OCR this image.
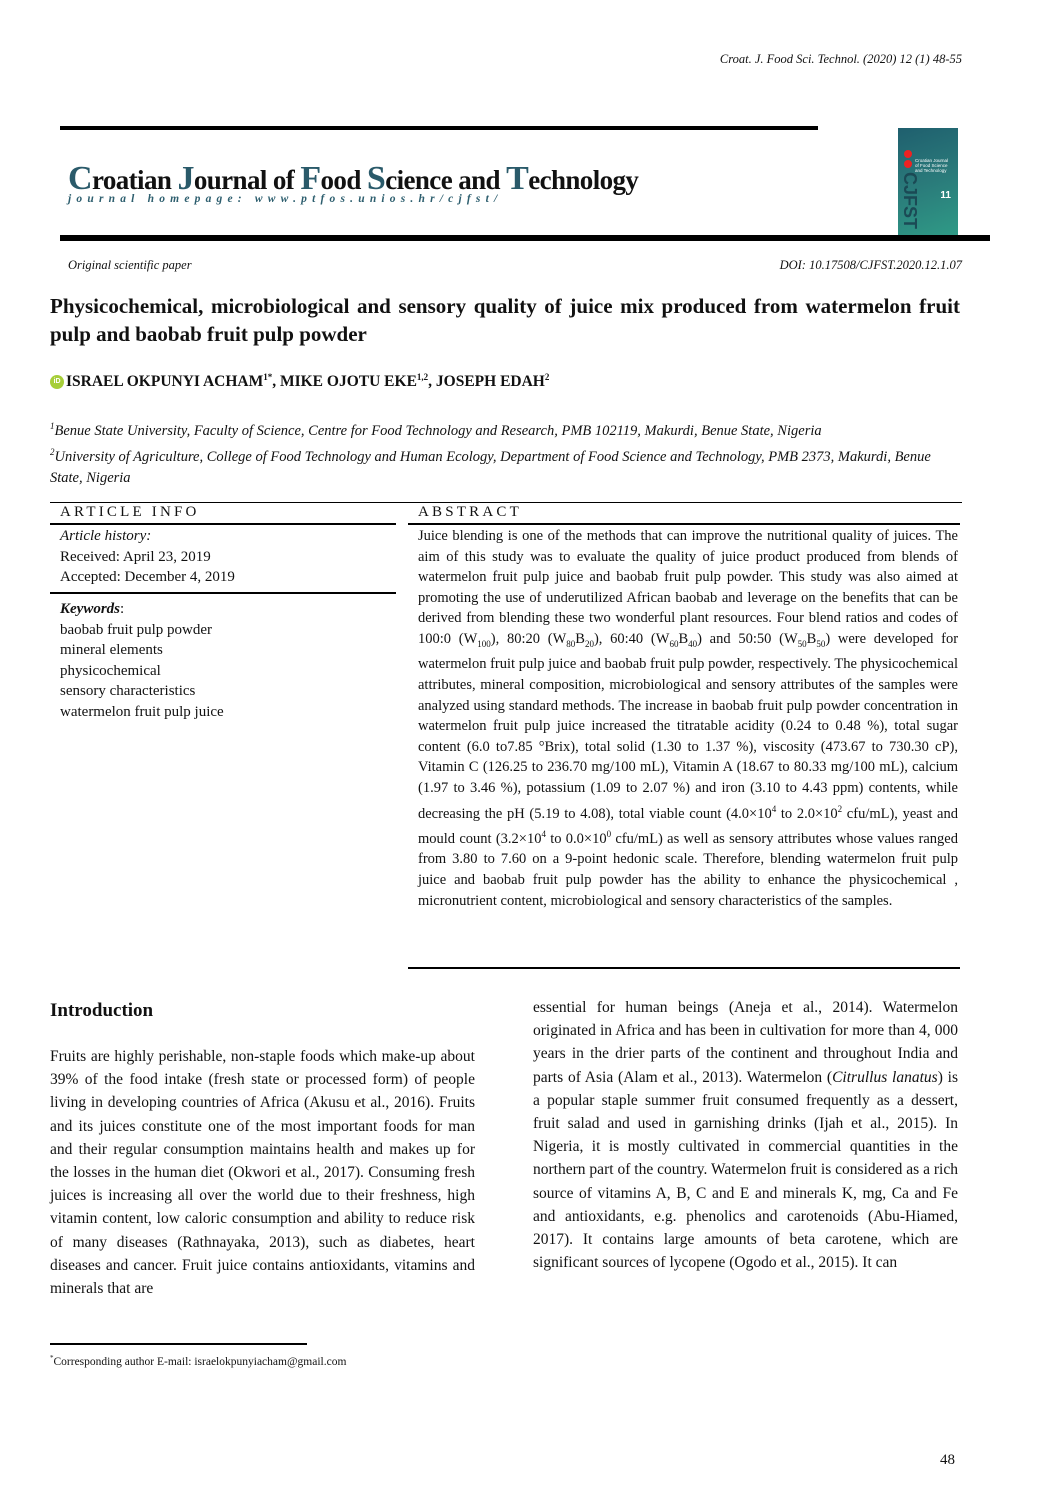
Croat. J. Food Sci. Technol. (2020) 12 (1) 48-55
Croatian Journal of Food Science and Technology
journal homepage: www.ptfos.unios.hr/cjfst/
Croatian Journal of Food Science and Technology
CJFST 11
Original scientific paper	DOI: 10.17508/CJFST.2020.12.1.07
Physicochemical, microbiological and sensory quality of juice mix produced from watermelon fruit pulp and baobab fruit pulp powder
iD ISRAEL OKPUNYI $ACHAM^{1*}$, MIKE OJOTU EKE$^{1,2}$, JOSEPH EDAH$^2$
$^1$Benue State University, Faculty of Science, Centre for Food Technology and Research, PMB 102119, Makurdi, Benue State, Nigeria
$^2$University of Agriculture, College of Food Technology and Human Ecology, Department of Food Science and Technology, PMB 2373, Makurdi, Benue State, Nigeria
ARTICLE INFO
Article history:
Received: April 23, 2019
Accepted: December 4, 2019
Keywords:
baobab fruit pulp powder
mineral elements
physicochemical
sensory characteristics
watermelon fruit pulp juice
ABSTRACT
Juice blending is one of the methods that can improve the nutritional quality of juices. The aim of this study was to evaluate the quality of juice product produced from blends of watermelon fruit pulp juice and baobab fruit pulp powder. This study was also aimed at promoting the use of underutilized African baobab and leverage on the benefits that can be derived from blending these two wonderful plant resources. Four blend ratios and codes of 100:0 $(W_{100})$, 80:20 $(W_{80}B_{20})$, 60:40 $(W_{60}B_{40})$ and 50:50 $(W_{50}B_{50})$ were developed for watermelon fruit pulp juice and baobab fruit pulp powder, respectively. The physicochemical attributes, mineral composition, microbiological and sensory attributes of the samples were analyzed using standard methods. The increase in baobab fruit pulp powder concentration in watermelon fruit pulp juice increased the titratable acidity (0.24 to 0.48 %), total sugar content (6.0 to7.85 °Brix), total solid (1.30 to 1.37 %), viscosity (473.67 to 730.30 cP), Vitamin C (126.25 to 236.70 mg/100 mL), Vitamin A (18.67 to 80.33 mg/100 mL), calcium (1.97 to 3.46 %), potassium (1.09 to 2.07 %) and iron (3.10 to 4.43 ppm) contents, while decreasing the pH (5.19 to 4.08), total viable count ($4.0\times 10^4$ to $2.0\times 10^2$ cfu/mL), yeast and mould count ($3.2\times 10^4$ to $0.0\times 10^0$ cfu/mL) as well as sensory attributes whose values ranged from 3.80 to 7.60 on a 9-point hedonic scale. Therefore, blending watermelon fruit pulp juice and baobab fruit pulp powder has the ability to enhance the physicochemical , micronutrient content, microbiological and sensory characteristics of the samples.
Introduction
Fruits are highly perishable, non-staple foods which make-up about 39% of the food intake (fresh state or processed form) of people living in developing countries of Africa (Akusu et al., 2016). Fruits and its juices constitute one of the most important foods for man and their regular consumption maintains health and makes up for the losses in the human diet (Okwori et al., 2017). Consuming fresh juices is increasing all over the world due to their freshness, high vitamin content, low caloric consumption and ability to reduce risk of many diseases (Rathnayaka, 2013), such as diabetes, heart diseases and cancer. Fruit juice contains antioxidants, vitamins and minerals that are
essential for human beings (Aneja et al., 2014). Watermelon originated in Africa and has been in cultivation for more than 4, 000 years in the drier parts of the continent and throughout India and parts of Asia (Alam et al., 2013). Watermelon (Citrullus lanatus) is a popular staple summer fruit consumed frequently as a dessert, fruit salad and used in garnishing drinks (Ijah et al., 2015). In Nigeria, it is mostly cultivated in commercial quantities in the northern part of the country. Watermelon fruit is considered as a rich source of vitamins A, B, C and E and minerals K, mg, Ca and Fe and antioxidants, e.g. phenolics and carotenoids (Abu-Hiamed, 2017). It contains large amounts of beta carotene, which are significant sources of lycopene (Ogodo et al., 2015). It can
*Corresponding author E-mail: israelokpunyiacham@gmail.com
48
